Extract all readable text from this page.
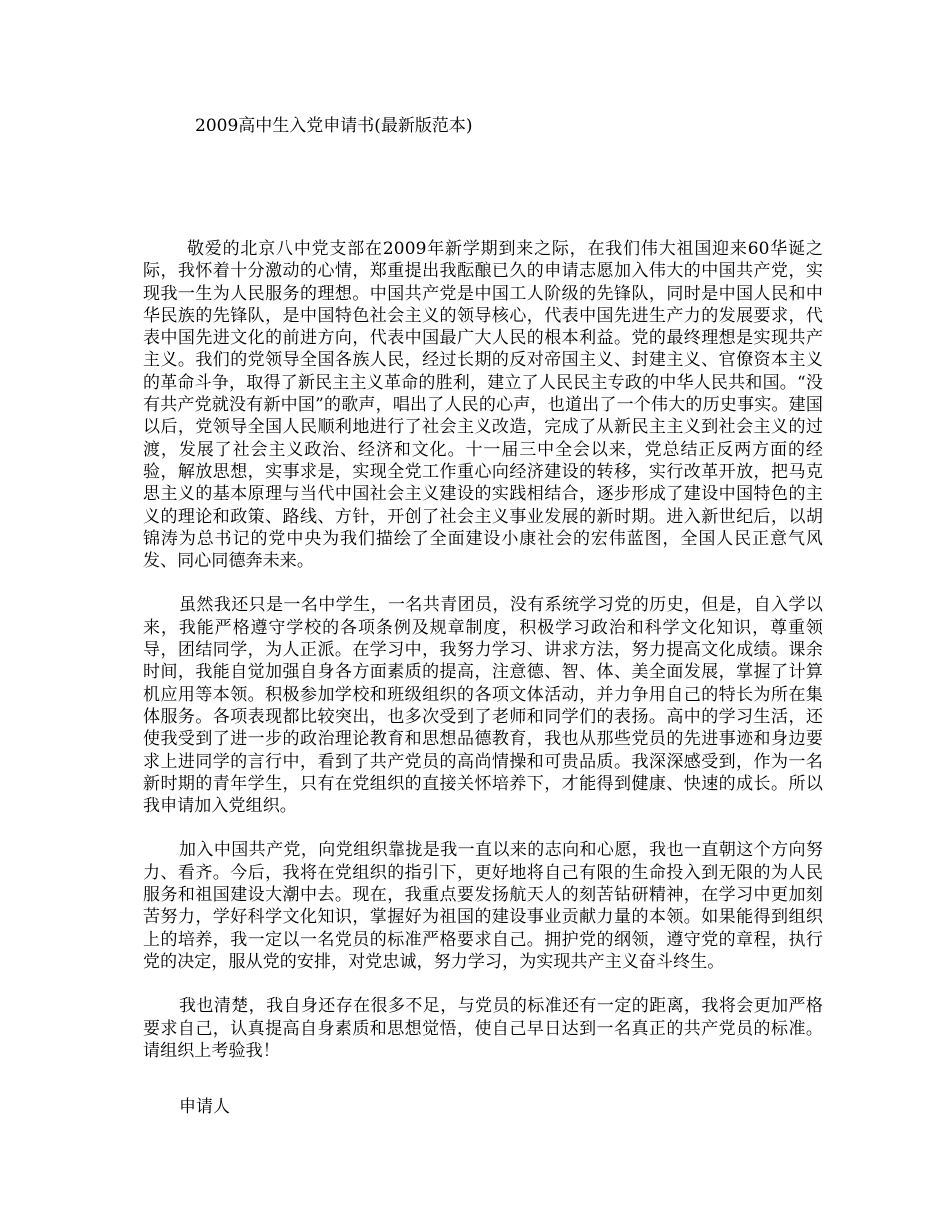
2009高中生入党申请书(最新版范本)

敬爱的北京八中党支部在2009年新学期到来之际，在我们伟大祖国迎来60华诞之际，我怀着十分激动的心情，郑重提出我酝酿已久的申请志愿加入伟大的中国共产党，实现我一生为人民服务的理想。中国共产党是中国工人阶级的先锋队，同时是中国人民和中华民族的先锋队，是中国特色社会主义的领导核心，代表中国先进生产力的发展要求，代表中国先进文化的前进方向，代表中国最广大人民的根本利益。党的最终理想是实现共产主义。我们的党领导全国各族人民，经过长期的反对帝国主义、封建主义、官僚资本主义的革命斗争，取得了新民主主义革命的胜利，建立了人民民主专政的中华人民共和国。“没有共产党就没有新中国”的歌声，唱出了人民的心声，也道出了一个伟大的历史事实。建国以后，党领导全国人民顺利地进行了社会主义改造，完成了从新民主主义到社会主义的过渡，发展了社会主义政治、经济和文化。十一届三中全会以来，党总结正反两方面的经验，解放思想，实事求是，实现全党工作重心向经济建设的转移，实行改革开放，把马克思主义的基本原理与当代中国社会主义建设的实践相结合，逐步形成了建设中国特色的主义的理论和政策、路线、方针，开创了社会主义事业发展的新时期。进入新世纪后，以胡锦涛为总书记的党中央为我们描绘了全面建设小康社会的宏伟蓝图，全国人民正意气风发、同心同德奔未来。

虽然我还只是一名中学生，一名共青团员，没有系统学习党的历史，但是，自入学以来，我能严格遵守学校的各项条例及规章制度，积极学习政治和科学文化知识，尊重领导，团结同学，为人正派。在学习中，我努力学习、讲求方法，努力提高文化成绩。课余时间，我能自觉加强自身各方面素质的提高，注意德、智、体、美全面发展，掌握了计算机应用等本领。积极参加学校和班级组织的各项文体活动，并力争用自己的特长为所在集体服务。各项表现都比较突出，也多次受到了老师和同学们的表扬。高中的学习生活，还使我受到了进一步的政治理论教育和思想品德教育，我也从那些党员的先进事迹和身边要求上进同学的言行中，看到了共产党员的高尚情操和可贵品质。我深深感受到，作为一名新时期的青年学生，只有在党组织的直接关怀培养下，才能得到健康、快速的成长。所以我申请加入党组织。

加入中国共产党，向党组织靠拢是我一直以来的志向和心愿，我也一直朝这个方向努力、看齐。今后，我将在党组织的指引下，更好地将自己有限的生命投入到无限的为人民服务和祖国建设大潮中去。现在，我重点要发扬航天人的刻苦钻研精神，在学习中更加刻苦努力，学好科学文化知识，掌握好为祖国的建设事业贡献力量的本领。如果能得到组织上的培养，我一定以一名党员的标准严格要求自己。拥护党的纲领，遵守党的章程，执行党的决定，服从党的安排，对党忠诚，努力学习，为实现共产主义奋斗终生。

我也清楚，我自身还存在很多不足，与党员的标准还有一定的距离，我将会更加严格要求自己，认真提高自身素质和思想觉悟，使自己早日达到一名真正的共产党员的标准。请组织上考验我！

申请人
